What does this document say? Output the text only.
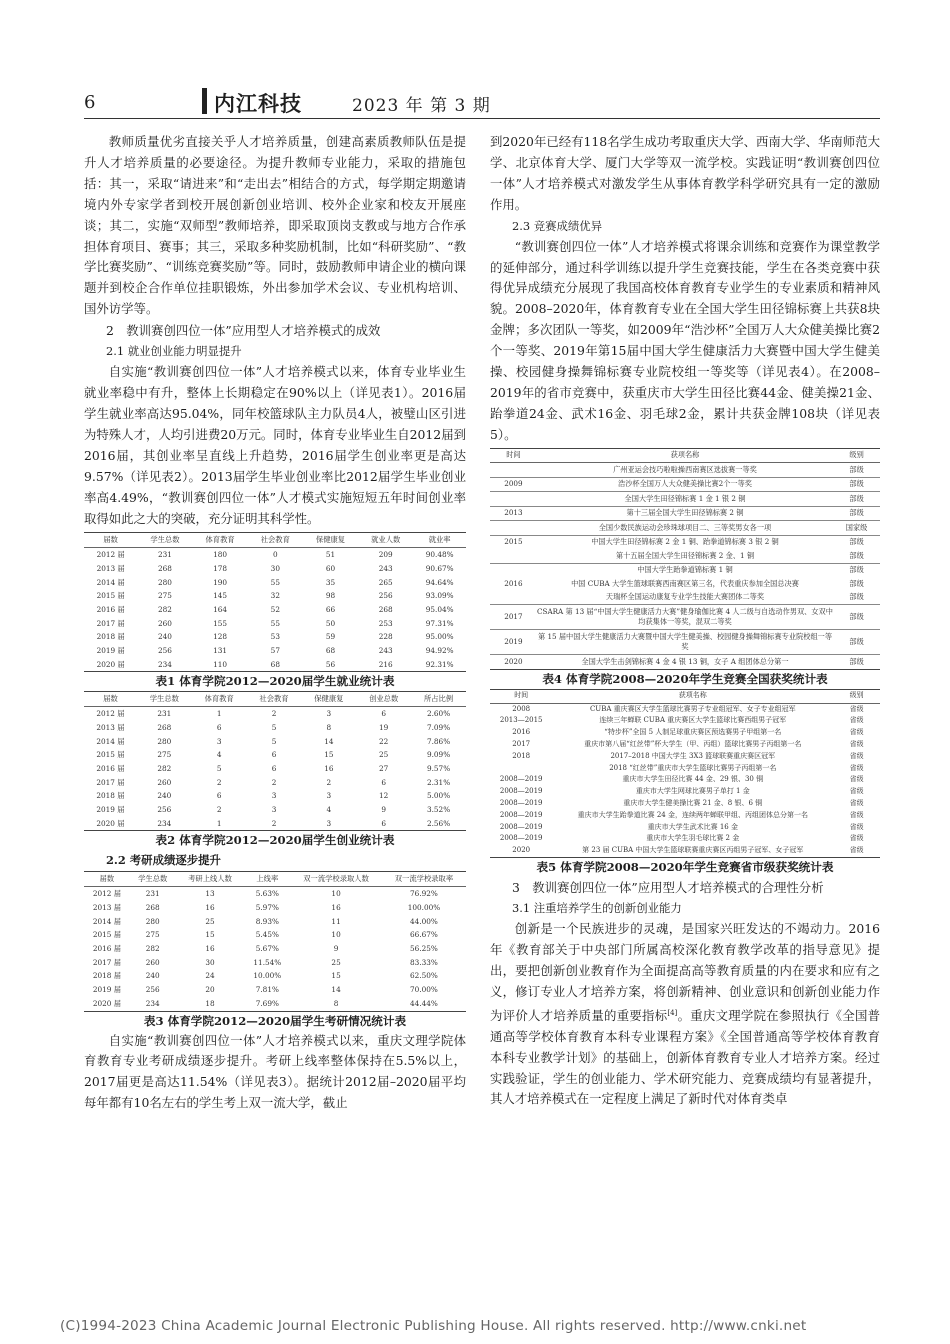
6	内江科技	2023 年 第 3 期

教师质量优劣直接关乎人才培养质量，创建高素质教师队伍是提升人才培养质量的必要途径。为提升教师专业能力，采取的措施包括：其一，采取“请进来”和“走出去”相结合的方式，每学期定期邀请境内外专家学者到校开展创新创业培训、校外企业家和校友开展座谈；其二，实施“双师型”教师培养，即采取顶岗支教或与地方合作承担体育项目、赛事；其三，采取多种奖励机制，比如“科研奖励”、“教学比赛奖励”、“训练竞赛奖励”等。同时，鼓励教师申请企业的横向课题并到校企合作单位挂职锻炼，外出参加学术会议、专业机构培训、国外访学等。

2　教训赛创四位一体”应用型人才培养模式的成效
2.1 就业创业能力明显提升

自实施“教训赛创四位一体”人才培养模式以来，体育专业毕业生就业率稳中有升，整体上长期稳定在90%以上（详见表1）。2016届学生就业率高达95.04%，同年校篮球队主力队员4人，被璧山区引进为特殊人才，人均引进费20万元。同时，体育专业毕业生自2012届到2016届，其创业率呈直线上升趋势，2016届学生创业率更是高达9.57%（详见表2）。2013届学生毕业创业率比2012届学生毕业创业率高4.49%，“教训赛创四位一体”人才模式实施短短五年时间创业率取得如此之大的突破，充分证明其科学性。

届数	学生总数	体育教育	社会教育	保健康复	就业人数	就业率
2012 届	231	180	0	51	209	90.48%
2013 届	268	178	30	60	243	90.67%
2014 届	280	190	55	35	265	94.64%
2015 届	275	145	32	98	256	93.09%
2016 届	282	164	52	66	268	95.04%
2017 届	260	155	55	50	253	97.31%
2018 届	240	128	53	59	228	95.00%
2019 届	256	131	57	68	243	94.92%
2020 届	234	110	68	56	216	92.31%
表1 体育学院2012—2020届学生就业统计表
届数	学生总数	体育教育	社会教育	保健康复	创业总数	所占比例
2012 届	231	1	2	3	6	2.60%
2013 届	268	6	5	8	19	7.09%
2014 届	280	3	5	14	22	7.86%
2015 届	275	4	6	15	25	9.09%
2016 届	282	5	6	16	27	9.57%
2017 届	260	2	2	2	6	2.31%
2018 届	240	6	3	3	12	5.00%
2019 届	256	2	3	4	9	3.52%
2020 届	234	1	2	3	6	2.56%
表2 体育学院2012—2020届学生创业统计表
2.2 考研成绩逐步提升
届数	学生总数	考研上线人数	上线率	双一流学校录取人数	双一流学校录取率
2012 届	231	13	5.63%	10	76.92%
2013 届	268	16	5.97%	16	100.00%
2014 届	280	25	8.93%	11	44.00%
2015 届	275	15	5.45%	10	66.67%
2016 届	282	16	5.67%	9	56.25%
2017 届	260	30	11.54%	25	83.33%
2018 届	240	24	10.00%	15	62.50%
2019 届	256	20	7.81%	14	70.00%
2020 届	234	18	7.69%	8	44.44%
表3 体育学院2012—2020届学生考研情况统计表

自实施“教训赛创四位一体”人才培养模式以来，重庆文理学院体育教育专业考研成绩逐步提升。考研上线率整体保持在5.5%以上，2017届更是高达11.54%（详见表3）。据统计2012届–2020届平均每年都有10名左右的学生考上双一流大学，截止

到2020年已经有118名学生成功考取重庆大学、西南大学、华南师范大学、北京体育大学、厦门大学等双一流学校。实践证明“教训赛创四位一体”人才培养模式对激发学生从事体育教学科学研究具有一定的激励作用。

2.3 竞赛成绩优异

“教训赛创四位一体”人才培养模式将课余训练和竞赛作为课堂教学的延伸部分，通过科学训练以提升学生竞赛技能，学生在各类竞赛中获得优异成绩充分展现了我国高校体育教育专业学生的专业素质和精神风貌。2008–2020年，体育教育专业在全国大学生田径锦标赛上共获8块金牌；多次团队一等奖，如2009年“浩沙杯”全国万人大众健美操比赛2个一等奖、2019年第15届中国大学生健康活力大赛暨中国大学生健美操、校园健身操舞锦标赛专业院校组一等奖等（详见表4）。在2008–2019年的省市竞赛中，获重庆市大学生田径比赛44金、健美操21金、跆拳道24金、武术16金、羽毛球2金，累计共获金牌108块（详见表5）。

时间	获项名称	级别
	广州亚运会技巧啦啦操西南赛区选拔赛一等奖	部级
2009	浩沙杯全国万人大众健美操比赛2个一等奖	部级
	全国大学生田径锦标赛 1 金 1 银 2 铜	部级
2013	第十三届全国大学生田径锦标赛 2 铜	部级
	全国少数民族运动会珍珠球项目二、三等奖男女各一项	国家级
2015	中国大学生田径锦标赛 2 金 1 铜、跆拳道锦标赛 3 银 2 铜	部级
	第十五届全国大学生田径锦标赛 2 金、1 铜	部级
	中国大学生跆拳道锦标赛 1 铜	部级
2016	中国 CUBA 大学生篮球联赛西南赛区第三名，代表重庆参加全国总决赛	部级
	天瑞杯全国运动康复专业学生技能大赛团体二等奖	部级
2017	CSARA 第 13 届“中国大学生健康活力大赛”健身瑜伽比赛 4 人二级与自选动作男双、女双中均获集体一等奖，混双二等奖	部级
2019	第 15 届中国大学生健康活力大赛暨中国大学生健美操、校园健身操舞锦标赛专业院校组一等奖	部级
2020	全国大学生击剑锦标赛 4 金 4 银 13 铜，女子 A 组团体总分第一	部级
表4 体育学院2008—2020年学生竞赛全国获奖统计表
时间	获项名称	级别
2008	CUBA 重庆赛区大学生篮球比赛男子专业组冠军、女子专业组冠军	省级
2013—2015	连续三年蝉联 CUBA 重庆赛区大学生篮球比赛西组男子冠军	省级
2016	“特步杯”全国 5 人制足球重庆赛区预选赛男子甲组第一名	省级
2017	重庆市第八届“红丝带”杯大学生（甲、丙组）篮球比赛男子丙组第一名	省级
2018	2017–2018 中国大学生 3X3 篮球联赛重庆赛区冠军	省级
	2018 “红丝带”重庆市大学生篮球比赛男子丙组第一名	省级
2008—2019	重庆市大学生田径比赛 44 金、29 银、30 铜	省级
2008—2019	重庆市大学生网球比赛男子单打 1 金	省级
2008—2019	重庆市大学生健美操比赛 21 金、8 银、6 铜	省级
2008—2019	重庆市大学生跆拳道比赛 24 金，连续两年蝉联甲组、丙组团体总分第一名	省级
2008—2019	重庆市大学生武术比赛 16 金	省级
2008—2019	重庆市大学生羽毛球比赛 2 金	省级
2020	第 23 届 CUBA 中国大学生篮球联赛重庆赛区丙组男子冠军、女子冠军	省级
表5 体育学院2008—2020年学生竞赛省市级获奖统计表
3　教训赛创四位一体”应用型人才培养模式的合理性分析
3.1 注重培养学生的创新创业能力

创新是一个民族进步的灵魂，是国家兴旺发达的不竭动力。2016年《教育部关于中央部门所属高校深化教育教学改革的指导意见》提出，要把创新创业教育作为全面提高高等教育质量的内在要求和应有之义，修订专业人才培养方案，将创新精神、创业意识和创新创业能力作为评价人才培养质量的重要指标[4]。重庆文理学院在参照执行《全国普通高等学校体育教育本科专业课程方案》《全国普通高等学校体育教育本科专业教学计划》的基础上，创新体育教育专业人才培养方案。经过实践验证，学生的创业能力、学术研究能力、竞赛成绩均有显著提升，其人才培养模式在一定程度上满足了新时代对体育类卓

(C)1994-2023 China Academic Journal Electronic Publishing House. All rights reserved. http://www.cnki.net
